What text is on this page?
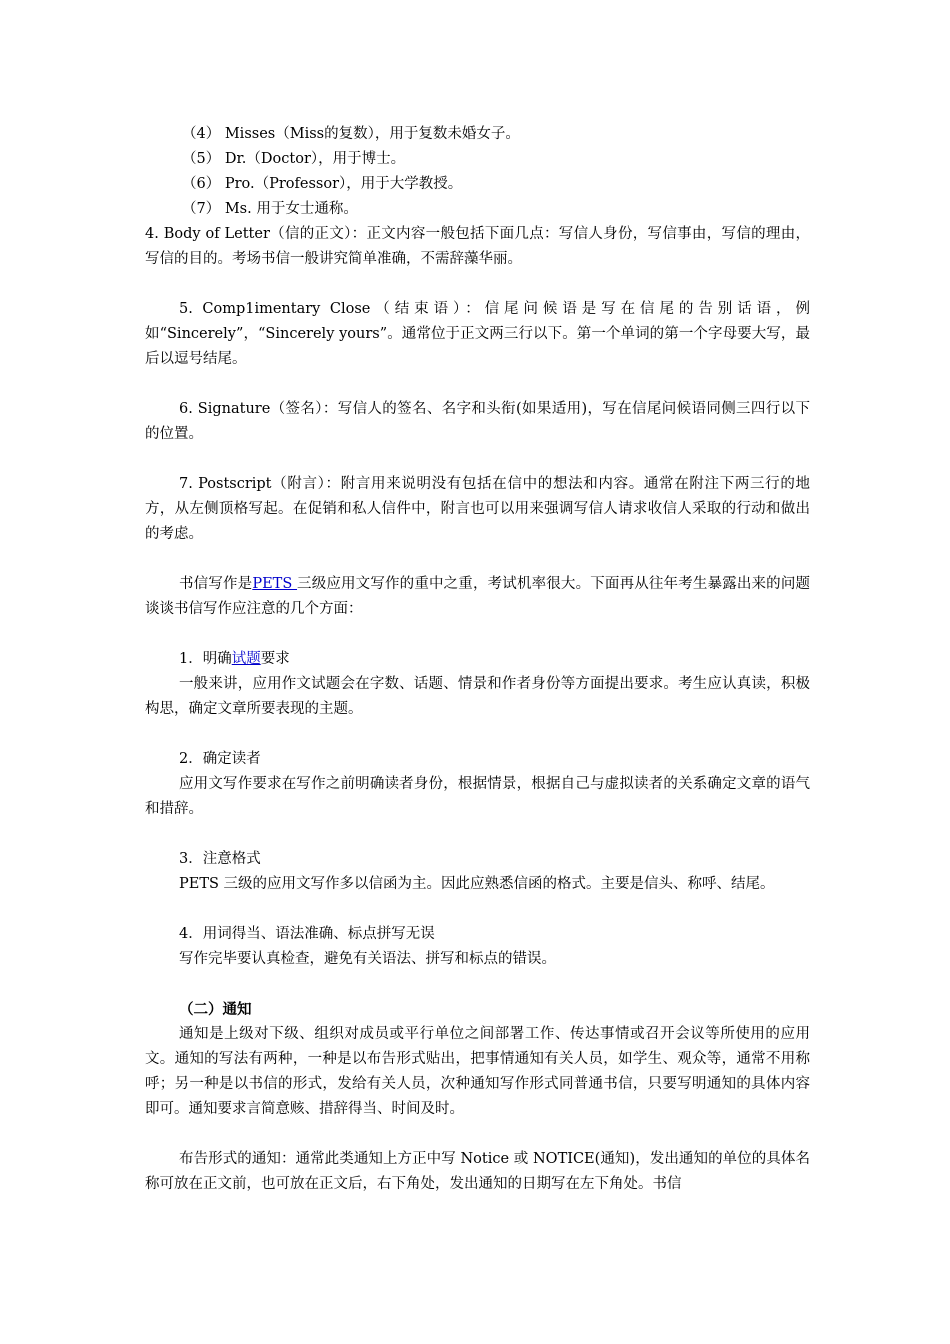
（4） Misses（Miss的复数），用于复数未婚女子。

（5） Dr.（Doctor），用于博士。

（6） Pro.（Professor），用于大学教授。

（7） Ms. 用于女士通称。

4. Body of Letter（信的正文）：正文内容一般包括下面几点：写信人身份，写信事由，写信的理由，写信的目的。考场书信一般讲究简单准确，不需辞藻华丽。

5. Comp1imentary Close（结束语）：信尾问候语是写在信尾的告别话语，例如“Sincerely”，“Sincerely yours”。通常位于正文两三行以下。第一个单词的第一个字母要大写，最后以逗号结尾。

6. Signature（签名）：写信人的签名、名字和头衔(如果适用)，写在信尾问候语同侧三四行以下的位置。

7. Postscript（附言）：附言用来说明没有包括在信中的想法和内容。通常在附注下两三行的地方，从左侧顶格写起。在促销和私人信件中，附言也可以用来强调写信人请求收信人采取的行动和做出的考虑。

书信写作是PETS 三级应用文写作的重中之重，考试机率很大。下面再从往年考生暴露出来的问题谈谈书信写作应注意的几个方面：

1．明确试题要求

一般来讲，应用作文试题会在字数、话题、情景和作者身份等方面提出要求。考生应认真读，积极构思，确定文章所要表现的主题。

2．确定读者

应用文写作要求在写作之前明确读者身份，根据情景，根据自己与虚拟读者的关系确定文章的语气和措辞。

3．注意格式

PETS 三级的应用文写作多以信函为主。因此应熟悉信函的格式。主要是信头、称呼、结尾。

4．用词得当、语法准确、标点拼写无误

写作完毕要认真检查，避免有关语法、拼写和标点的错误。

（二）通知

通知是上级对下级、组织对成员或平行单位之间部署工作、传达事情或召开会议等所使用的应用文。通知的写法有两种，一种是以布告形式贴出，把事情通知有关人员，如学生、观众等，通常不用称呼；另一种是以书信的形式，发给有关人员，次种通知写作形式同普通书信，只要写明通知的具体内容即可。通知要求言简意赅、措辞得当、时间及时。

布告形式的通知：通常此类通知上方正中写 Notice 或 NOTICE(通知)，发出通知的单位的具体名称可放在正文前，也可放在正文后，右下角处，发出通知的日期写在左下角处。书信
